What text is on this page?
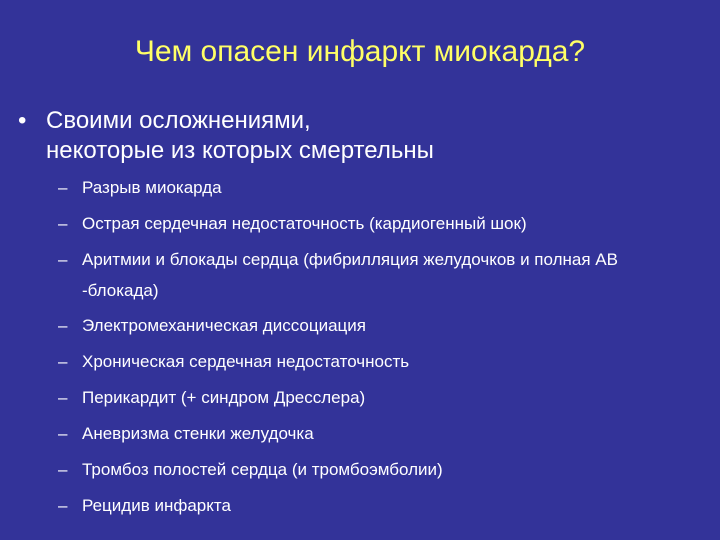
Чем опасен инфаркт миокарда?
• Своими осложнениями,
некоторые из которых смертельны
– Разрыв миокарда
– Острая сердечная недостаточность (кардиогенный шок)
– Аритмии и блокады сердца (фибрилляция желудочков и полная АВ
-блокада)
– Электромеханическая диссоциация
– Хроническая сердечная недостаточность
– Перикардит (+ синдром Дресслера)
– Аневризма стенки желудочка
– Тромбоз полостей сердца (и тромбоэмболии)
– Рецидив инфаркта
